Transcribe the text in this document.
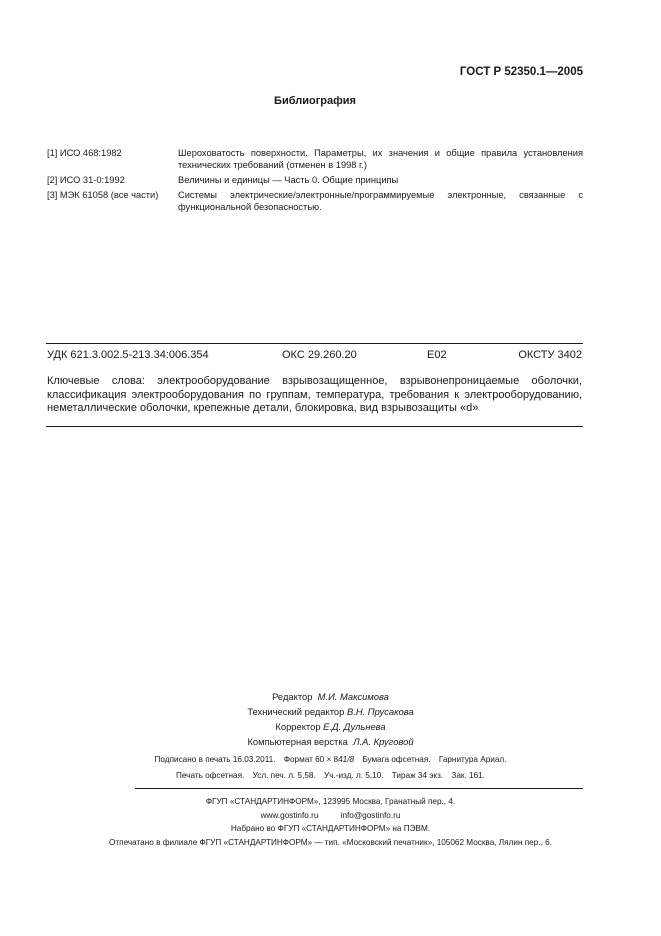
ГОСТ Р 52350.1—2005
Библиография
[1] ИСО 468:1982	Шероховатость поверхности. Параметры, их значения и общие правила установления технических требований (отменен в 1998 г.)
[2] ИСО 31-0:1992	Величины и единицы — Часть 0. Общие принципы
[3] МЭК 61058 (все части)	Системы электрические/электронные/программируемые электронные, связанные с функциональной безопасностью.
УДК 621.3.002.5-213.34:006.354	ОКС 29.260.20	Е02	ОКСТУ 3402
Ключевые слова: электрооборудование взрывозащищенное, взрывонепроницаемые оболочки, классификация электрооборудования по группам, температура, требования к электрооборудованию, неметаллические оболочки, крепежные детали, блокировка, вид взрывозащиты «d»
Редактор М.И. Максимова
Технический редактор В.Н. Прусакова
Корректор Е.Д. Дульнева
Компьютерная верстка Л.А. Круговой
Подписано в печать 16.03.2011. Формат 60 × 841/8 Бумага офсетная. Гарнитура Ариал.
Печать офсетная. Усл. печ. л. 5,58. Уч.-изд. л. 5,10. Тираж 34 экз. Зак. 161.
ФГУП «СТАНДАРТИНФОРМ», 123995 Москва, Гранатный пер., 4.
www.gostinfo.ru	info@gostinfo.ru
Набрано во ФГУП «СТАНДАРТИНФОРМ» на ПЭВМ.
Отпечатано в филиале ФГУП «СТАНДАРТИНФОРМ» — тип. «Московский печатник», 105062 Москва, Лялин пер., 6.
